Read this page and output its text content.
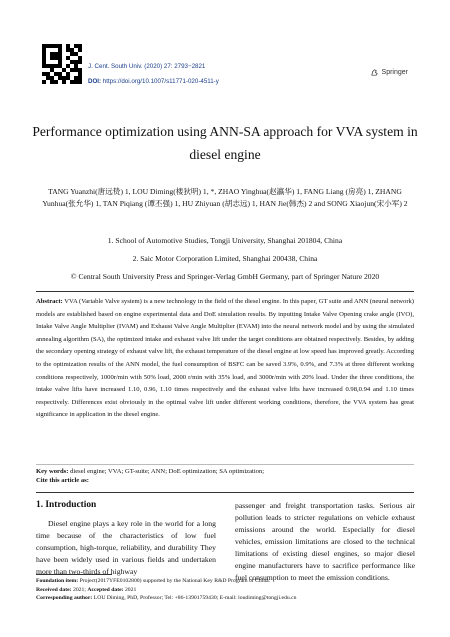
J. Cent. South Univ. (2020) 27: 2793−2821
DOI: https://doi.org/10.1007/s11771-020-4511-y
Springer
Performance optimization using ANN-SA approach for VVA system in diesel engine
TANG Yuanzhi(唐远贽) 1, LOU Diming(楼狄明) 1, *, ZHAO Yinghua(赵瀛华) 1, FANG Liang (房亮) 1, ZHANG Yunhua(张允华) 1, TAN Piqiang (谭丕强) 1, HU Zhiyuan (胡志远) 1, HAN Jie(韩杰) 2 and SONG Xiaojun(宋小军) 2
1. School of Automotive Studies, Tongji University, Shanghai 201804, China
2. Saic Motor Corporation Limited, Shanghai 200438, China
© Central South University Press and Springer-Verlag GmbH Germany, part of Springer Nature 2020
Abstract: VVA (Variable Valve system) is a new technology in the field of the diesel engine. In this paper, GT suite and ANN (neural network) models are established based on engine experimental data and DoE simulation results. By inputting Intake Valve Opening crake angle (IVO), Intake Valve Angle Multiplier (IVAM) and Exhaust Valve Angle Multiplier (EVAM) into the neural network model and by using the simulated annealing algorithm (SA), the optimized intake and exhaust valve lift under the target conditions are obtained respectively. Besides, by adding the secondary opening strategy of exhaust valve lift, the exhaust temperature of the diesel engine at low speed has improved greatly. According to the optimization results of the ANN model, the fuel consumption of BSFC can be saved 3.9%, 0.9%, and 7.3% at three different working conditions respectively, 1000r/min with 50% load, 2000 r/min with 35% load, and 3000r/min with 20% load. Under the three conditions, the intake valve lifts have increased 1.10, 0.96, 1.10 times respectively and the exhaust valve lifts have increased 0.98,0.94 and 1.10 times respectively. Differences exist obviously in the optimal valve lift under different working conditions, therefore, the VVA system has great significance in application in the diesel engine.
Key words: diesel engine; VVA; GT-suite; ANN; DoE optimization; SA optimization;
Cite this article as:
1. Introduction
Diesel engine plays a key role in the world for a long time because of the characteristics of low fuel consumption, high-torque, reliability, and durability They have been widely used in various fields and undertaken more than two-thirds of highway
passenger and freight transportation tasks. Serious air pollution leads to stricter regulations on vehicle exhaust emissions around the world. Especially for diesel vehicles, emission limitations are closed to the technical limitations of existing diesel engines, so major diesel engine manufacturers have to sacrifice performance like fuel consumption to meet the emission conditions.
Foundation item: Project(2017YFE0102800) supported by the National Key R&D Program of China.
Received date: 2021; Accepted date: 2021
Corresponding author: LOU Diming, PhD, Professor; Tel: +86-13901759430; E-mail: loudiming@tongji.edu.cn
